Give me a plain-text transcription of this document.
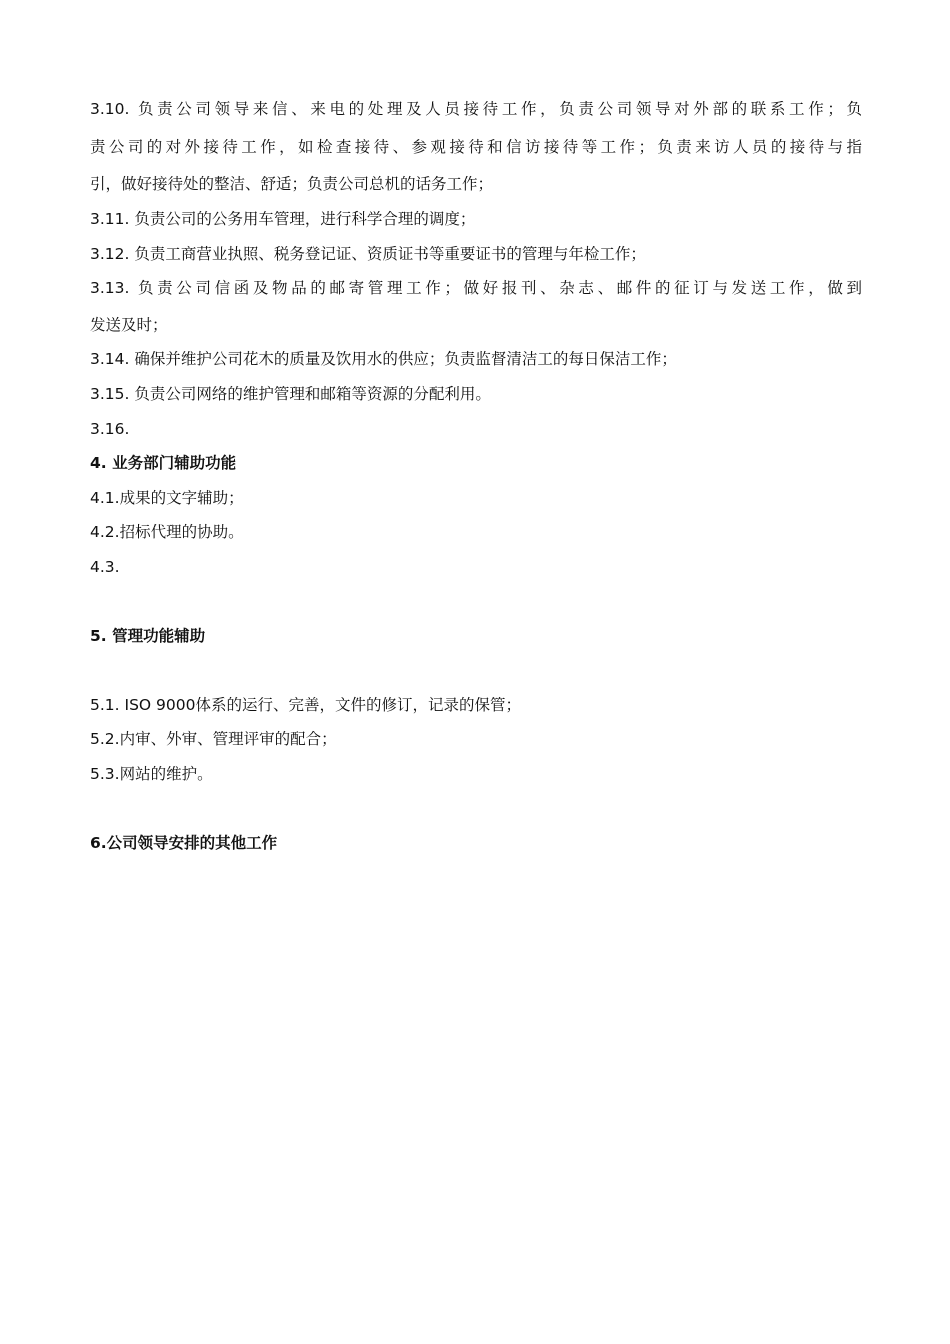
3.10. 负责公司领导来信、来电的处理及人员接待工作，负责公司领导对外部的联系工作；负
责公司的对外接待工作，如检查接待、参观接待和信访接待等工作；负责来访人员的接待与指
引，做好接待处的整洁、舒适；负责公司总机的话务工作；
3.11. 负责公司的公务用车管理，进行科学合理的调度；
3.12. 负责工商营业执照、税务登记证、资质证书等重要证书的管理与年检工作；
3.13. 负责公司信函及物品的邮寄管理工作；做好报刊、杂志、邮件的征订与发送工作，做到
发送及时；
3.14. 确保并维护公司花木的质量及饮用水的供应；负责监督清洁工的每日保洁工作；
3.15. 负责公司网络的维护管理和邮箱等资源的分配利用。
3.16.
4. 业务部门辅助功能
4.1.成果的文字辅助；
4.2.招标代理的协助。
4.3.
5. 管理功能辅助
5.1. ISO 9000体系的运行、完善，文件的修订，记录的保管；
5.2.内审、外审、管理评审的配合；
5.3.网站的维护。
6.公司领导安排的其他工作
